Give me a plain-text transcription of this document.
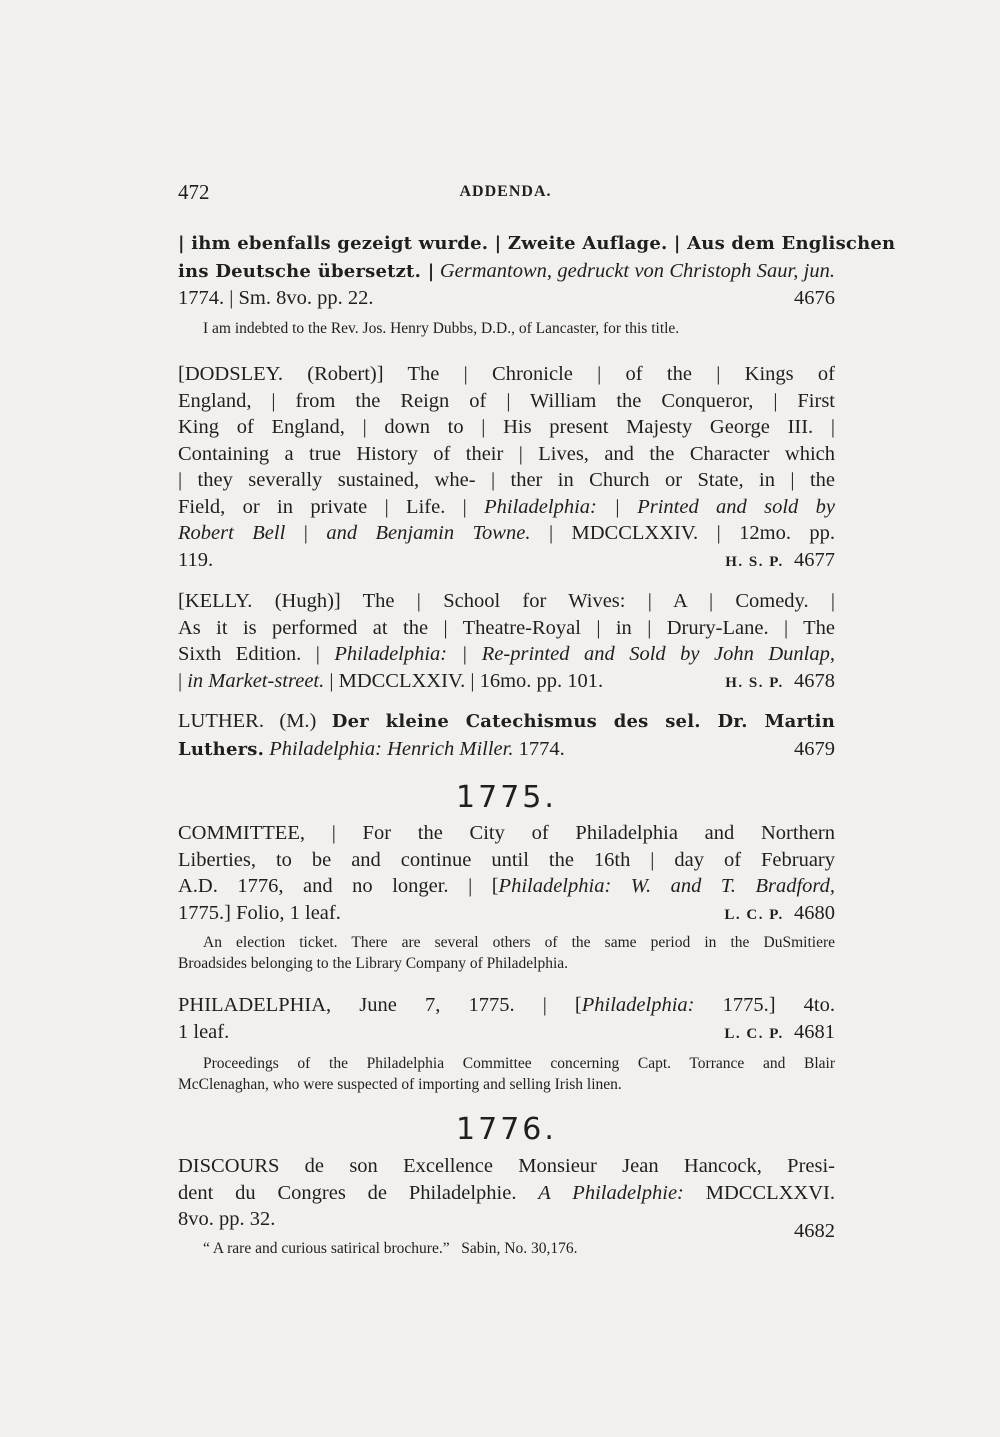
472	ADDENDA.
| ihm ebenfalls gezeigt wurde. | Zweite Auflage. | Aus dem Englischen
ins Deutsche übersetzt. | Germantown, gedruckt von Christoph Saur, jun.
1774. | Sm. 8vo. pp. 22.	4676
I am indebted to the Rev. Jos. Henry Dubbs, D.D., of Lancaster, for this title.
[DODSLEY. (Robert)] The | Chronicle | of the | Kings of
England, | from the Reign of | William the Conqueror, | First
King of England, | down to | His present Majesty George III. |
Containing a true History of their | Lives, and the Character which
| they severally sustained, whe- | ther in Church or State, in | the
Field, or in private | Life. | Philadelphia: | Printed and sold by
Robert Bell | and Benjamin Towne. | MDCCLXXIV. | 12mo. pp.
119.	H. S. P. 4677
[KELLY. (Hugh)] The | School for Wives: | A | Comedy. |
As it is performed at the | Theatre-Royal | in | Drury-Lane. | The
Sixth Edition. | Philadelphia: | Re-printed and Sold by John Dunlap,
| in Market-street. | MDCCLXXIV. | 16mo. pp. 101.	H. S. P. 4678
LUTHER. (M.) Der kleine Catechismus des sel. Dr. Martin
Luthers. Philadelphia: Henrich Miller. 1774.	4679
1775.
COMMITTEE, | For the City of Philadelphia and Northern
Liberties, to be and continue until the 16th | day of February
A.D. 1776, and no longer. | [Philadelphia: W. and T. Bradford,
1775.] Folio, 1 leaf.	L. C. P. 4680
An election ticket. There are several others of the same period in the DuSmitiere
Broadsides belonging to the Library Company of Philadelphia.
PHILADELPHIA, June 7, 1775. | [Philadelphia: 1775.] 4to.
1 leaf.	L. C. P. 4681
Proceedings of the Philadelphia Committee concerning Capt. Torrance and Blair
McClenaghan, who were suspected of importing and selling Irish linen.
1776.
DISCOURS de son Excellence Monsieur Jean Hancock, Presi-
dent du Congres de Philadelphie. A Philadelphie: MDCCLXXVI.
8vo. pp. 32.
4682
“ A rare and curious satirical brochure.” Sabin, No. 30,176.
